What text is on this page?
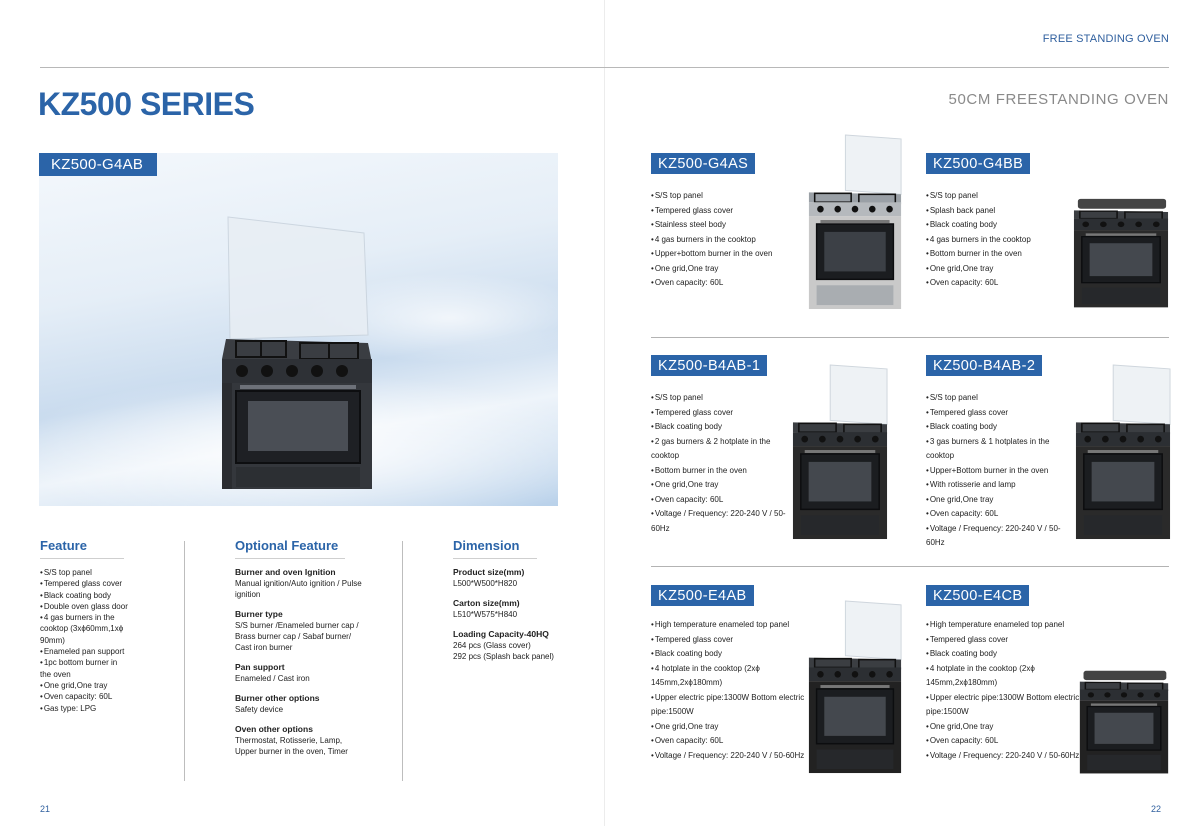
FREE STANDING OVEN
KZ500 SERIES	50CM FREESTANDING OVEN
KZ500-G4AB
Feature
• S/S top panel
• Tempered glass cover
• Black coating body
• Double oven glass door
• 4 gas burners in the cooktop (3xϕ60mm,1xϕ 90mm)
• Enameled pan support
• 1pc bottom burner in the oven
• One grid,One tray
• Oven capacity: 60L
• Gas type: LPG
Optional Feature
Burner and oven Ignition
Manual ignition/Auto ignition / Pulse ignition
Burner type
S/S burner /Enameled burner cap / Brass burner cap / Sabaf burner/ Cast iron burner
Pan support
Enameled / Cast iron
Burner other options
Safety device
Oven other options
Thermostat, Rotisserie, Lamp, Upper burner in the oven, Timer
Dimension
Product size(mm)
L500*W500*H820
Carton size(mm)
L510*W575*H840
Loading Capacity-40HQ
264 pcs (Glass cover)
292 pcs (Splash back panel)
21	22
KZ500-G4AS
• S/S top panel
• Tempered glass cover
• Stainless steel body
• 4 gas burners in the cooktop
• Upper+bottom burner in the oven
• One grid,One tray
• Oven capacity: 60L
KZ500-G4BB
• S/S top panel
• Splash back panel
• Black coating body
• 4 gas burners in the cooktop
• Bottom burner in the oven
• One grid,One tray
• Oven capacity: 60L
KZ500-B4AB-1
• S/S top panel
• Tempered glass cover
• Black coating body
• 2 gas burners & 2 hotplate in the cooktop
• Bottom burner in the oven
• One grid,One tray
• Oven capacity: 60L
• Voltage / Frequency: 220-240 V / 50-60Hz
KZ500-B4AB-2
• S/S top panel
• Tempered glass cover
• Black coating body
• 3 gas burners & 1 hotplates in the cooktop
• Upper+Bottom burner in the oven
• With rotisserie and lamp
• One grid,One tray
• Oven capacity: 60L
• Voltage / Frequency: 220-240 V / 50-60Hz
KZ500-E4AB
• High temperature enameled top panel
• Tempered glass cover
• Black coating body
• 4 hotplate in the cooktop (2xϕ 145mm,2xϕ180mm)
• Upper electric pipe:1300W Bottom electric pipe:1500W
• One grid,One tray
• Oven capacity: 60L
• Voltage / Frequency: 220-240 V / 50-60Hz
KZ500-E4CB
• High temperature enameled top panel
• Tempered glass cover
• Black coating body
• 4 hotplate in the cooktop (2xϕ 145mm,2xϕ180mm)
• Upper electric pipe:1300W Bottom electric pipe:1500W
• One grid,One tray
• Oven capacity: 60L
• Voltage / Frequency: 220-240 V / 50-60Hz
